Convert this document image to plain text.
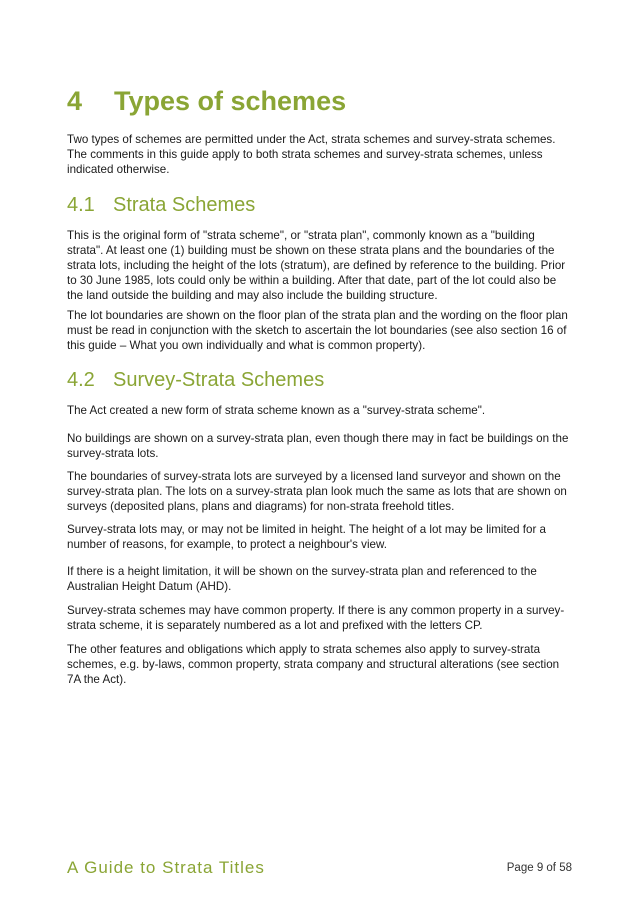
4 Types of schemes

Two types of schemes are permitted under the Act, strata schemes and survey-strata schemes. The comments in this guide apply to both strata schemes and survey-strata schemes, unless indicated otherwise.

4.1 Strata Schemes

This is the original form of "strata scheme", or "strata plan", commonly known as a "building strata". At least one (1) building must be shown on these strata plans and the boundaries of the strata lots, including the height of the lots (stratum), are defined by reference to the building. Prior to 30 June 1985, lots could only be within a building. After that date, part of the lot could also be the land outside the building and may also include the building structure.

The lot boundaries are shown on the floor plan of the strata plan and the wording on the floor plan must be read in conjunction with the sketch to ascertain the lot boundaries (see also section 16 of this guide – What you own individually and what is common property).

4.2 Survey-Strata Schemes

The Act created a new form of strata scheme known as a "survey-strata scheme".

No buildings are shown on a survey-strata plan, even though there may in fact be buildings on the survey-strata lots.

The boundaries of survey-strata lots are surveyed by a licensed land surveyor and shown on the survey-strata plan. The lots on a survey-strata plan look much the same as lots that are shown on surveys (deposited plans, plans and diagrams) for non-strata freehold titles.

Survey-strata lots may, or may not be limited in height. The height of a lot may be limited for a number of reasons, for example, to protect a neighbour's view.

If there is a height limitation, it will be shown on the survey-strata plan and referenced to the Australian Height Datum (AHD).

Survey-strata schemes may have common property. If there is any common property in a survey-strata scheme, it is separately numbered as a lot and prefixed with the letters CP.

The other features and obligations which apply to strata schemes also apply to survey-strata schemes, e.g. by-laws, common property, strata company and structural alterations (see section 7A the Act).

A Guide to Strata Titles	Page 9 of 58
